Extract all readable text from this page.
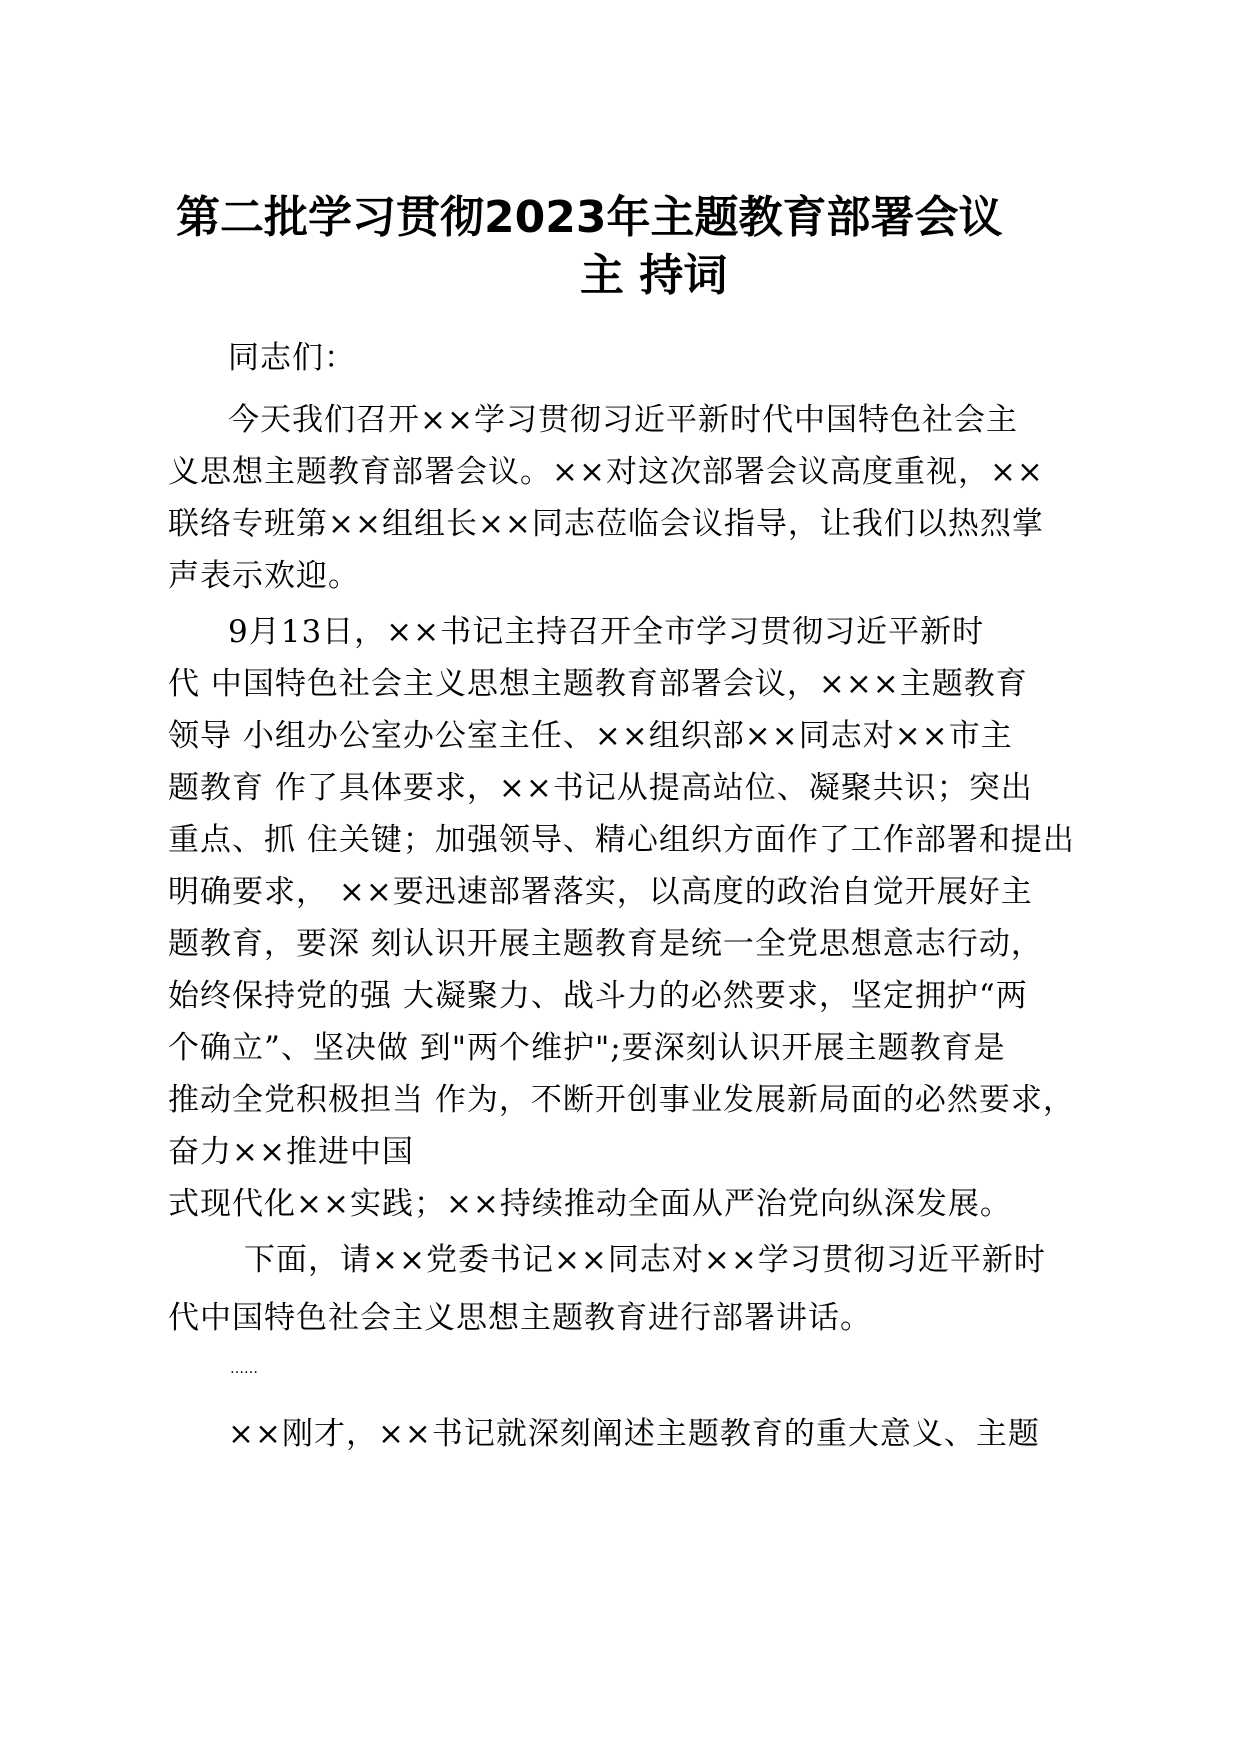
第二批学习贯彻2023年主题教育部署会议
主 持词
同志们：
今天我们召开××学习贯彻习近平新时代中国特色社会主
义思想主题教育部署会议。××对这次部署会议高度重视，××
联络专班第××组组长××同志莅临会议指导，让我们以热烈掌
声表示欢迎。
9月13日，××书记主持召开全市学习贯彻习近平新时
代 中国特色社会主义思想主题教育部署会议，×××主题教育
领导 小组办公室办公室主任、××组织部××同志对××市主
题教育 作了具体要求，××书记从提高站位、凝聚共识；突出
重点、抓 住关键；加强领导、精心组织方面作了工作部署和提出
明确要求， ××要迅速部署落实，以高度的政治自觉开展好主
题教育，要深 刻认识开展主题教育是统一全党思想意志行动，
始终保持党的强 大凝聚力、战斗力的必然要求，坚定拥护“两
个确立”、坚决做 到"两个维护";要深刻认识开展主题教育是
推动全党积极担当 作为，不断开创事业发展新局面的必然要求，
奋力××推进中国
式现代化××实践；××持续推动全面从严治党向纵深发展。
下面，请××党委书记××同志对××学习贯彻习近平新时
代中国特色社会主义思想主题教育进行部署讲话。
……
××刚才，××书记就深刻阐述主题教育的重大意义、主题
